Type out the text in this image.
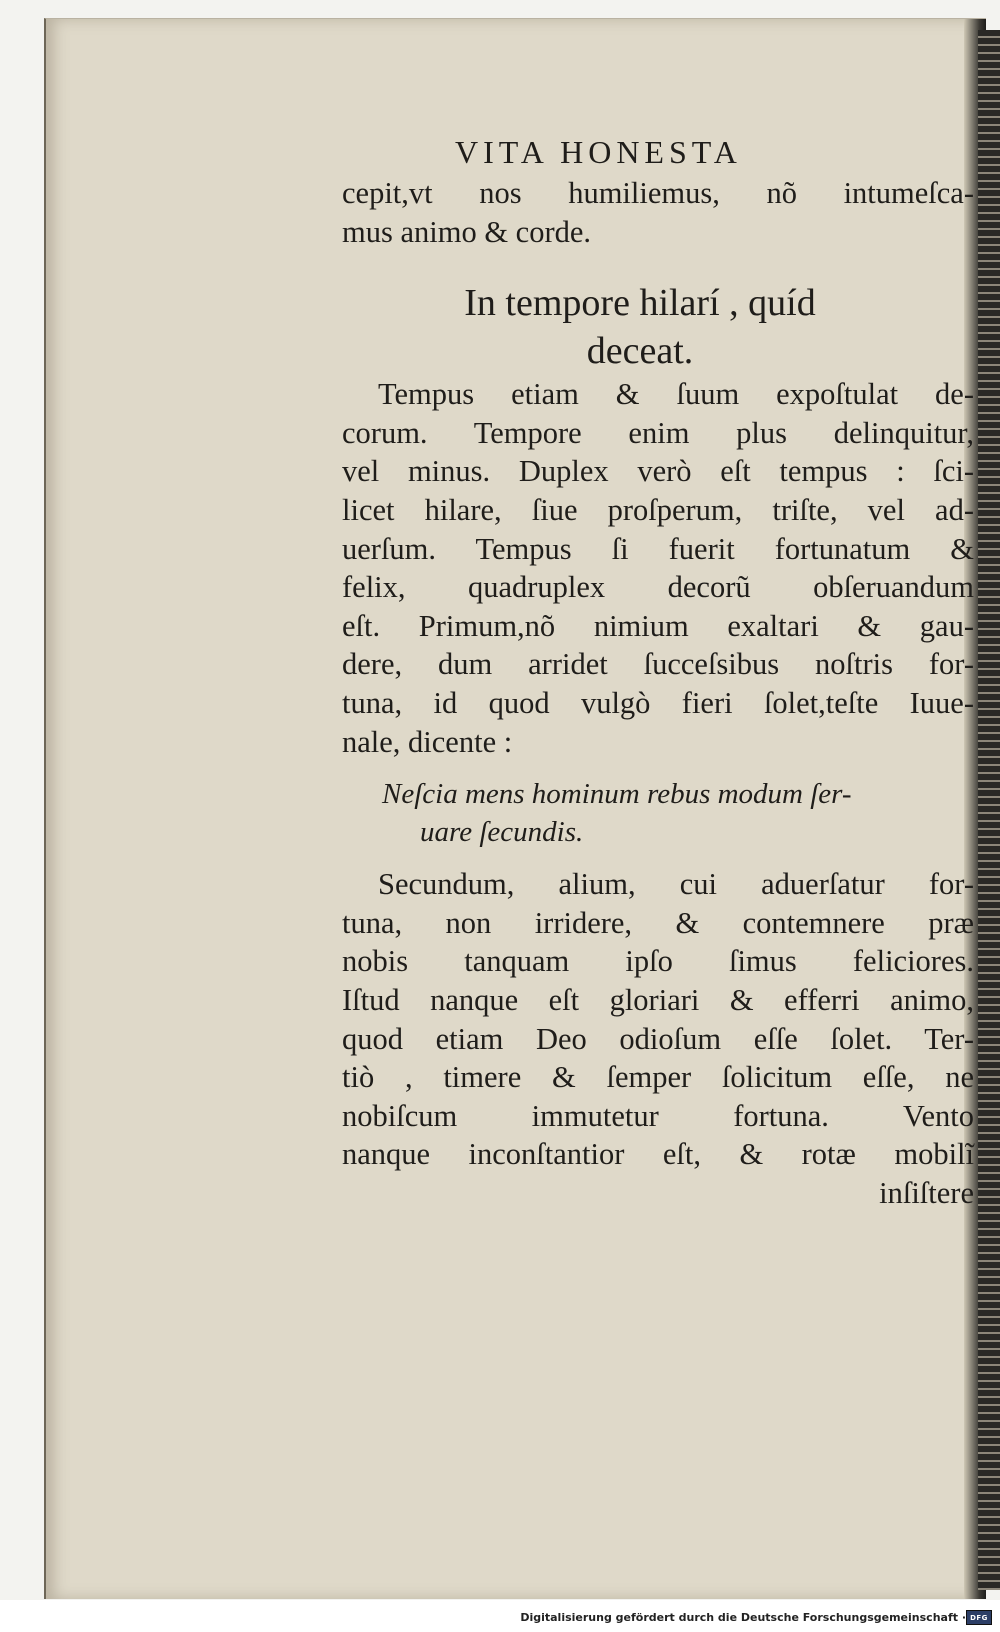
VITA HONESTA
cepit,vt nos humiliemus, nõ intumeſca-
mus animo & corde.
In tempore hilarí , quíd
deceat.
Tempus etiam & ſuum expoſtulat de-
corum. Tempore enim plus delinquitur,
vel minus. Duplex verò eſt tempus : ſci-
licet hilare, ſiue proſperum, triſte, vel ad-
uerſum. Tempus ſi fuerit fortunatum &
felix, quadruplex decorũ obſeruandum
eſt. Primum,nõ nimium exaltari & gau-
dere, dum arridet ſucceſsibus noſtris for-
tuna, id quod vulgò fieri ſolet,teſte Iuue-
nale, dicente :
Neſcia mens hominum rebus modum ſer-
uare ſecundis.
Secundum, alium, cui aduerſatur for-
tuna, non irridere, & contemnere præ
nobis tanquam ipſo ſimus feliciores.
Iſtud nanque eſt gloriari & efferri animo,
quod etiam Deo odioſum eſſe ſolet. Ter-
tiò , timere & ſemper ſolicitum eſſe, ne
nobiſcum immutetur fortuna. Vento
nanque inconſtantior eſt, & rotæ mobilĩ
inſiſtere
Digitalisierung gefördert durch die Deutsche Forschungsgemeinschaft · DFG
